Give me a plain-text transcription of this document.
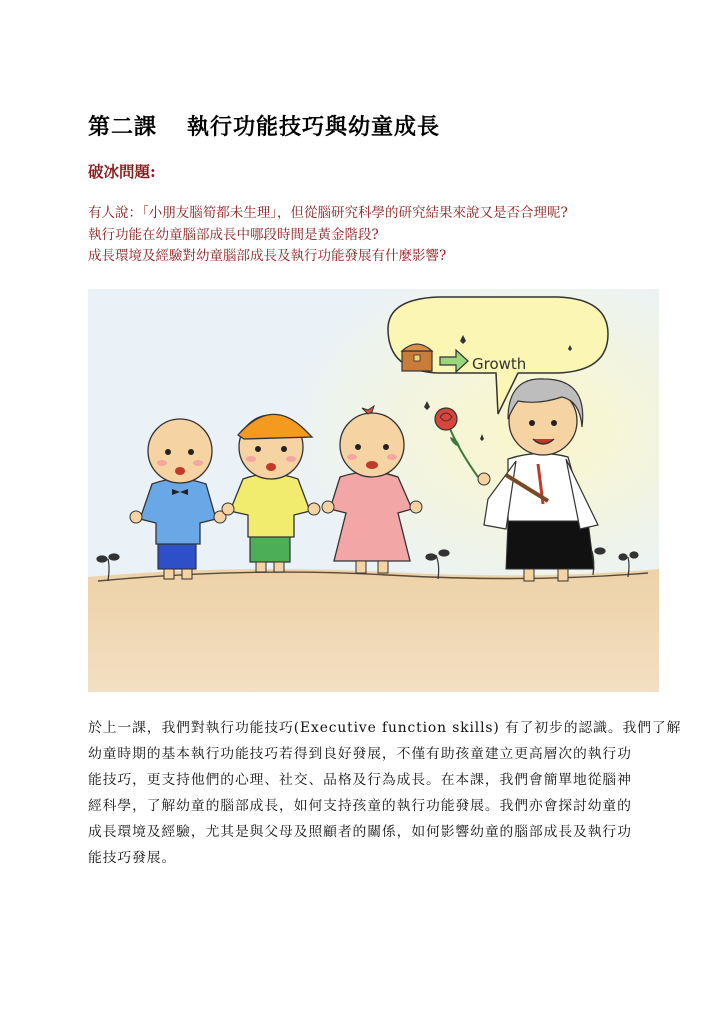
第二課 執行功能技巧與幼童成長
破冰問題:
有人說：「小朋友腦筍都未生理」，但從腦研究科學的研究結果來說又是否合理呢?
執行功能在幼童腦部成長中哪段時間是黃金階段?
成長環境及經驗對幼童腦部成長及執行功能發展有什麼影響?
Growth
於上一課，我們對執行功能技巧(Executive function skills) 有了初步的認識。我們了解
幼童時期的基本執行功能技巧若得到良好發展，不僅有助孩童建立更高層次的執行功
能技巧，更支持他們的心理、社交、品格及行為成長。在本課，我們會簡單地從腦神
經科學，了解幼童的腦部成長，如何支持孩童的執行功能發展。我們亦會探討幼童的
成長環境及經驗，尤其是與父母及照顧者的關係，如何影響幼童的腦部成長及執行功
能技巧發展。
